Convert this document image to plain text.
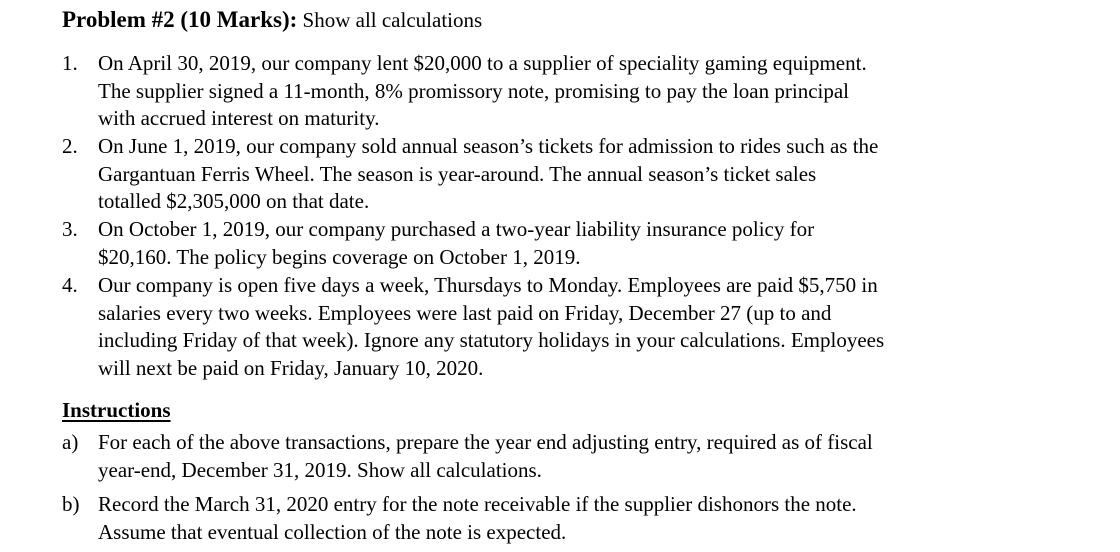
Problem #2 (10 Marks): Show all calculations
1. On April 30, 2019, our company lent $20,000 to a supplier of speciality gaming equipment.
The supplier signed a 11-month, 8% promissory note, promising to pay the loan principal
with accrued interest on maturity.
2. On June 1, 2019, our company sold annual season’s tickets for admission to rides such as the
Gargantuan Ferris Wheel. The season is year-around. The annual season’s ticket sales
totalled $2,305,000 on that date.
3. On October 1, 2019, our company purchased a two-year liability insurance policy for
$20,160. The policy begins coverage on October 1, 2019.
4. Our company is open five days a week, Thursdays to Monday. Employees are paid $5,750 in
salaries every two weeks. Employees were last paid on Friday, December 27 (up to and
including Friday of that week). Ignore any statutory holidays in your calculations. Employees
will next be paid on Friday, January 10, 2020.
Instructions
a) For each of the above transactions, prepare the year end adjusting entry, required as of fiscal
year-end, December 31, 2019. Show all calculations.
b) Record the March 31, 2020 entry for the note receivable if the supplier dishonors the note.
Assume that eventual collection of the note is expected.
